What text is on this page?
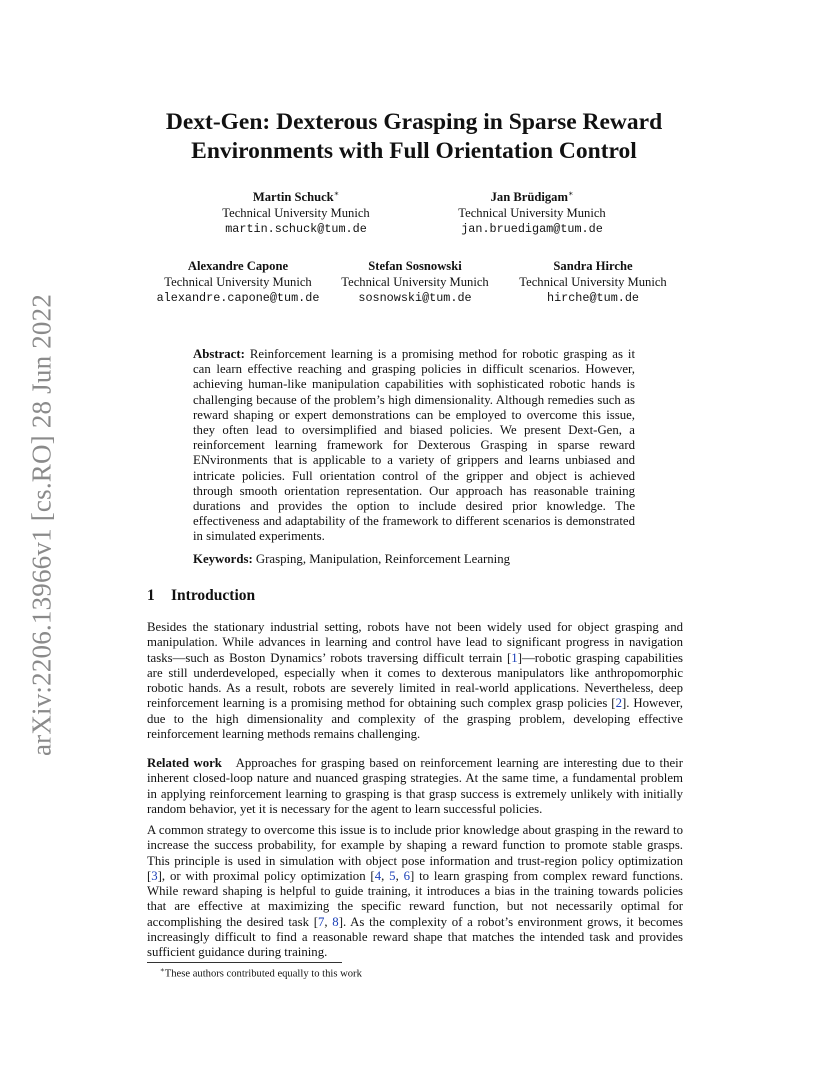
arXiv:2206.13966v1 [cs.RO] 28 Jun 2022
Dext-Gen: Dexterous Grasping in Sparse Reward
Environments with Full Orientation Control
Martin Schuck∗
Technical University Munich
martin.schuck@tum.de
Jan Brüdigam∗
Technical University Munich
jan.bruedigam@tum.de
Alexandre Capone
Technical University Munich
alexandre.capone@tum.de
Stefan Sosnowski
Technical University Munich
sosnowski@tum.de
Sandra Hirche
Technical University Munich
hirche@tum.de
Abstract: Reinforcement learning is a promising method for robotic grasping as it can learn effective reaching and grasping policies in difficult scenarios. However, achieving human-like manipulation capabilities with sophisticated robotic hands is challenging because of the problem’s high dimensionality. Although remedies such as reward shaping or expert demonstrations can be employed to overcome this issue, they often lead to oversimplified and biased policies. We present Dext-Gen, a reinforcement learning framework for Dexterous Grasping in sparse reward ENvironments that is applicable to a variety of grippers and learns unbiased and intricate policies. Full orientation control of the gripper and object is achieved through smooth orientation representation. Our approach has reasonable training durations and provides the option to include desired prior knowledge. The effectiveness and adaptability of the framework to different scenarios is demonstrated in simulated experiments.
Keywords: Grasping, Manipulation, Reinforcement Learning
1 Introduction

Besides the stationary industrial setting, robots have not been widely used for object grasping and manipulation. While advances in learning and control have lead to significant progress in navigation tasks—such as Boston Dynamics’ robots traversing difficult terrain [1]—robotic grasping capabilities are still underdeveloped, especially when it comes to dexterous manipulators like anthropomorphic robotic hands. As a result, robots are severely limited in real-world applications. Nevertheless, deep reinforcement learning is a promising method for obtaining such complex grasp policies [2]. However, due to the high dimensionality and complexity of the grasping problem, developing effective reinforcement learning methods remains challenging.

Related work Approaches for grasping based on reinforcement learning are interesting due to their inherent closed-loop nature and nuanced grasping strategies. At the same time, a fundamental problem in applying reinforcement learning to grasping is that grasp success is extremely unlikely with initially random behavior, yet it is necessary for the agent to learn successful policies.

A common strategy to overcome this issue is to include prior knowledge about grasping in the reward to increase the success probability, for example by shaping a reward function to promote stable grasps. This principle is used in simulation with object pose information and trust-region policy optimization [3], or with proximal policy optimization [4, 5, 6] to learn grasping from complex reward functions. While reward shaping is helpful to guide training, it introduces a bias in the training towards policies that are effective at maximizing the specific reward function, but not necessarily optimal for accomplishing the desired task [7, 8]. As the complexity of a robot’s environment grows, it becomes increasingly difficult to find a reasonable reward shape that matches the intended task and provides sufficient guidance during training.

∗These authors contributed equally to this work
